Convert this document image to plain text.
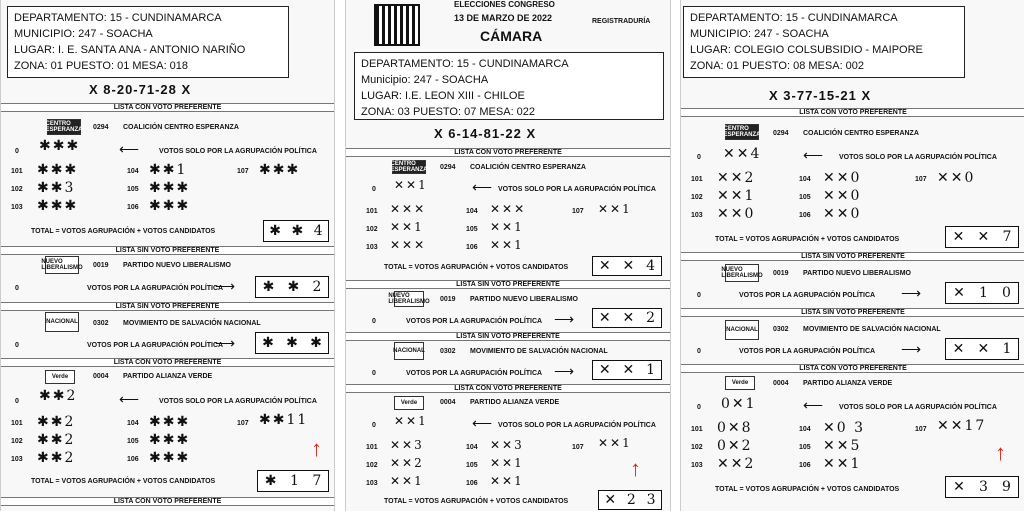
DEPARTAMENTO: 15 - CUNDINAMARCA
MUNICIPIO: 247 - SOACHA
LUGAR: I. E. SANTA ANA - ANTONIO NARIÑO
ZONA: 01 PUESTO: 01 MESA: 018
X 8-20-71-28 X
LISTA CON VOTO PREFERENTE
CENTRO ESPERANZA 0294 COALICIÓN CENTRO ESPERANZA
0 ✱✱✱	⟵	VOTOS SOLO POR LA AGRUPACIÓN POLÍTICA
101 ✱✱✱
102 ✱✱3
103 ✱✱✱
104 ✱✱1
105 ✱✱✱
106 ✱✱✱
107 ✱✱✱
TOTAL = VOTOS AGRUPACIÓN + VOTOS CANDIDATOS	✱ ✱ 4
LISTA SIN VOTO PREFERENTE
NUEVO LIBERALISMO 0019 PARTIDO NUEVO LIBERALISMO
0	VOTOS POR LA AGRUPACIÓN POLÍTICA
⟶ ✱ ✱ 2
LISTA SIN VOTO PREFERENTE
NACIONAL 0302 MOVIMIENTO DE SALVACIÓN NACIONAL
0	VOTOS POR LA AGRUPACIÓN POLÍTICA
⟶ ✱ ✱ ✱
LISTA CON VOTO PREFERENTE
Verde	0004 PARTIDO ALIANZA VERDE
0 ✱✱2	⟵	VOTOS SOLO POR LA AGRUPACIÓN POLÍTICA
101 ✱✱2
102 ✱✱2
103 ✱✱2
104 ✱✱✱
105 ✱✱✱
106 ✱✱✱
107 ✱✱11
↑
TOTAL = VOTOS AGRUPACIÓN + VOTOS CANDIDATOS	✱ 1 7
LISTA CON VOTO PREFERENTE
ELECCIONES CONGRESO
13 DE MARZO DE 2022
CÁMARA
REGISTRADURÍA
DEPARTAMENTO: 15 - CUNDINAMARCA
Municipio: 247 - SOACHA
LUGAR: I.E. LEON XIII - CHILOE
ZONA: 03 PUESTO: 07 MESA: 022
X 6-14-81-22 X
LISTA CON VOTO PREFERENTE
CENTRO ESPERANZA 0294 COALICIÓN CENTRO ESPERANZA
0 ✕✕1	⟵ VOTOS SOLO POR LA AGRUPACIÓN POLÍTICA
101 ✕✕✕
102 ✕✕1
103 ✕✕✕
104 ✕✕✕
105 ✕✕1
106 ✕✕1
107 ✕✕1
TOTAL = VOTOS AGRUPACIÓN + VOTOS CANDIDATOS ✕ ✕ 4
LISTA SIN VOTO PREFERENTE
NUEVO LIBERALISMO 0019 PARTIDO NUEVO LIBERALISMO
0	VOTOS POR LA AGRUPACIÓN POLÍTICA ⟶ ✕ ✕ 2
LISTA SIN VOTO PREFERENTE
NACIONAL 0302 MOVIMIENTO DE SALVACIÓN NACIONAL
0	VOTOS POR LA AGRUPACIÓN POLÍTICA ⟶ ✕ ✕ 1
LISTA CON VOTO PREFERENTE
Verde	0004 PARTIDO ALIANZA VERDE
0 ✕✕1	⟵ VOTOS SOLO POR LA AGRUPACIÓN POLÍTICA
101 ✕✕3
102 ✕✕2
103 ✕✕1
104 ✕✕3
105 ✕✕1
106 ✕✕1
107 ✕✕1
↑
TOTAL = VOTOS AGRUPACIÓN + VOTOS CANDIDATOS	✕ 2 3
DEPARTAMENTO: 15 - CUNDINAMARCA
MUNICIPIO: 247 - SOACHA
LUGAR: COLEGIO COLSUBSIDIO - MAIPORE
ZONA: 01 PUESTO: 08 MESA: 002
X 3-77-15-21 X
LISTA CON VOTO PREFERENTE
CENTRO ESPERANZA 0294 COALICIÓN CENTRO ESPERANZA
0 ✕✕4	⟵ VOTOS SOLO POR LA AGRUPACIÓN POLÍTICA
101 ✕✕2
102 ✕✕1
103 ✕✕0
104 ✕✕0
105 ✕✕0
106 ✕✕0
107 ✕✕0
TOTAL = VOTOS AGRUPACIÓN + VOTOS CANDIDATOS	✕ ✕ 7
LISTA SIN VOTO PREFERENTE
NUEVO LIBERALISMO 0019 PARTIDO NUEVO LIBERALISMO
0	VOTOS POR LA AGRUPACIÓN POLÍTICA ⟶ ✕ 1 0
LISTA SIN VOTO PREFERENTE
NACIONAL 0302 MOVIMIENTO DE SALVACIÓN NACIONAL
0	VOTOS POR LA AGRUPACIÓN POLÍTICA ⟶ ✕ ✕ 1
LISTA CON VOTO PREFERENTE
Verde	0004 PARTIDO ALIANZA VERDE
0 0✕1	⟵ VOTOS SOLO POR LA AGRUPACIÓN POLÍTICA
101 0✕8
102 0✕2
103 ✕✕2
104 ✕0 3
105 ✕✕5
106 ✕✕1
107 ✕✕17
↑
TOTAL = VOTOS AGRUPACIÓN + VOTOS CANDIDATOS	✕ 3 9
